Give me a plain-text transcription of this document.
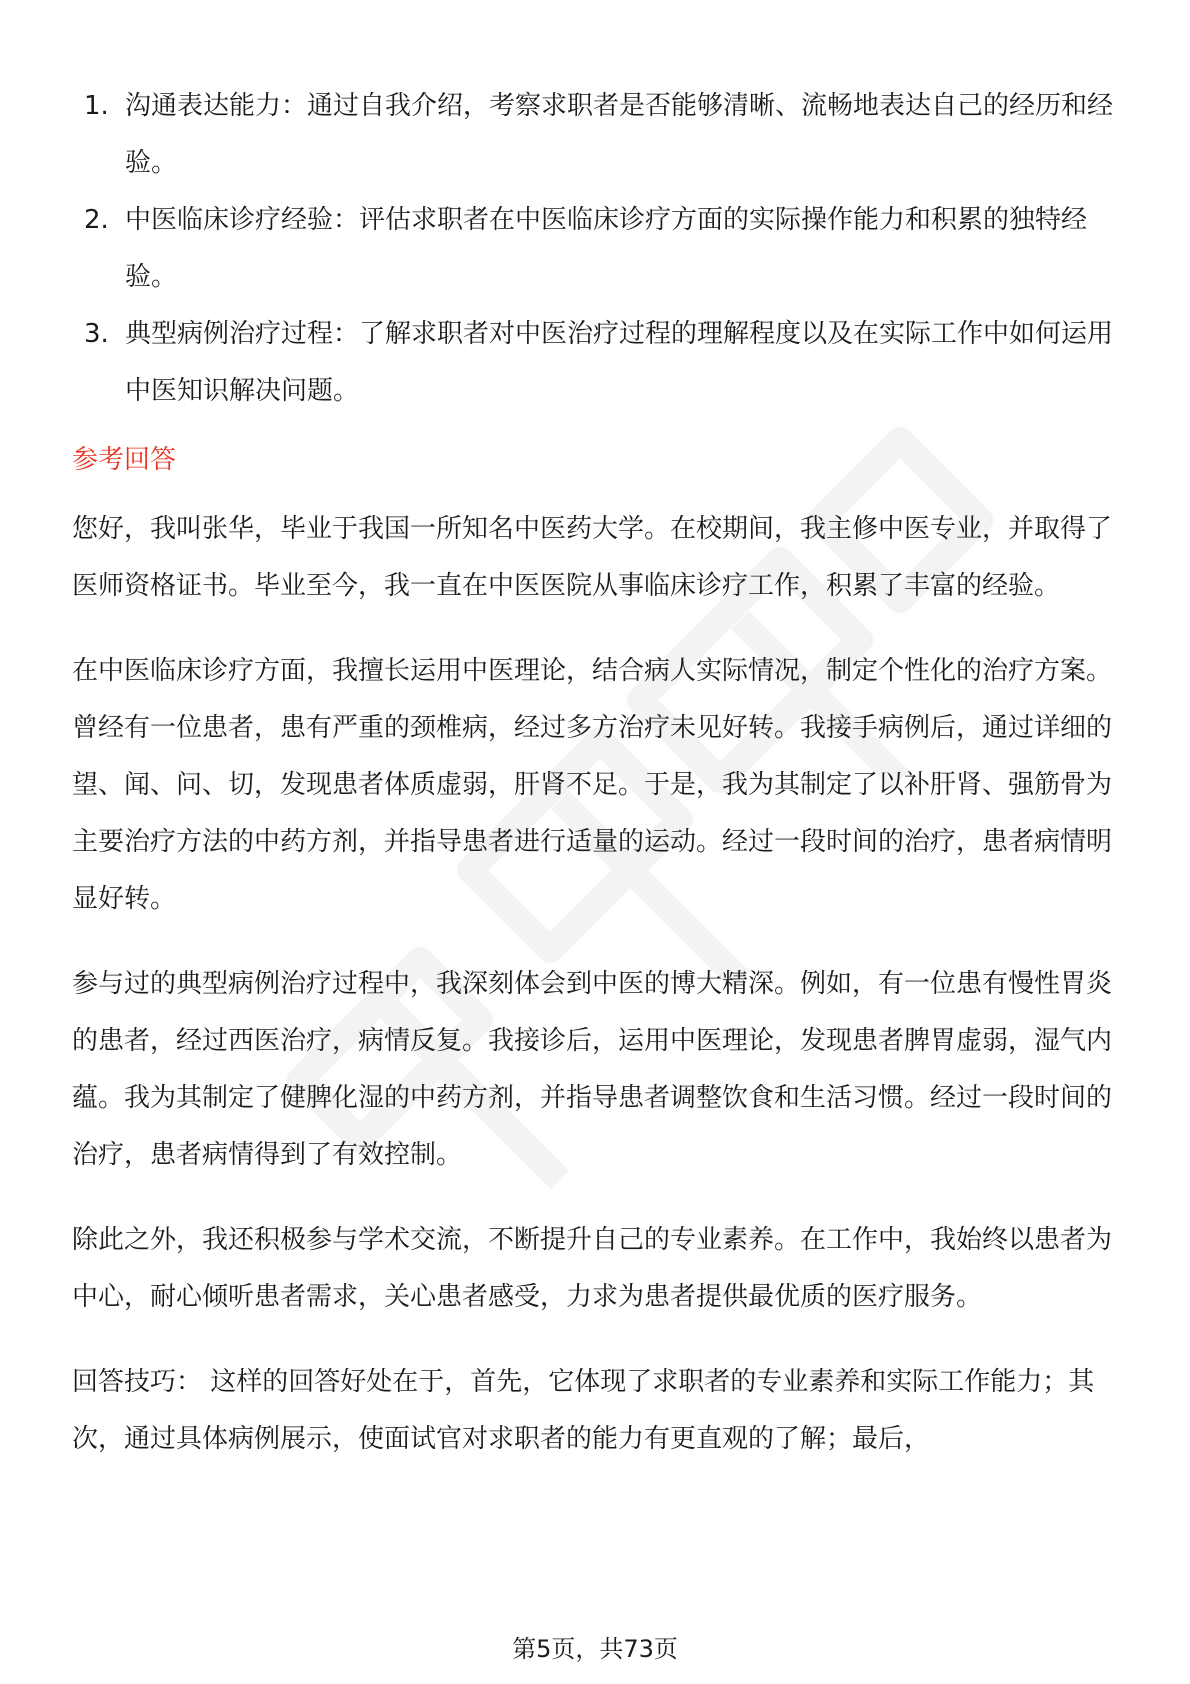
1. 沟通表达能力：通过自我介绍，考察求职者是否能够清晰、流畅地表达自己的经历和经验。
2. 中医临床诊疗经验：评估求职者在中医临床诊疗方面的实际操作能力和积累的独特经验。
3. 典型病例治疗过程：了解求职者对中医治疗过程的理解程度以及在实际工作中如何运用中医知识解决问题。
参考回答

您好，我叫张华，毕业于我国一所知名中医药大学。在校期间，我主修中医专业，并取得了医师资格证书。毕业至今，我一直在中医医院从事临床诊疗工作，积累了丰富的经验。

在中医临床诊疗方面，我擅长运用中医理论，结合病人实际情况，制定个性化的治疗方案。曾经有一位患者，患有严重的颈椎病，经过多方治疗未见好转。我接手病例后，通过详细的望、闻、问、切，发现患者体质虚弱，肝肾不足。于是，我为其制定了以补肝肾、强筋骨为主要治疗方法的中药方剂，并指导患者进行适量的运动。经过一段时间的治疗，患者病情明显好转。

参与过的典型病例治疗过程中，我深刻体会到中医的博大精深。例如，有一位患有慢性胃炎的患者，经过西医治疗，病情反复。我接诊后，运用中医理论，发现患者脾胃虚弱，湿气内蕴。我为其制定了健脾化湿的中药方剂，并指导患者调整饮食和生活习惯。经过一段时间的治疗，患者病情得到了有效控制。

除此之外，我还积极参与学术交流，不断提升自己的专业素养。在工作中，我始终以患者为中心，耐心倾听患者需求，关心患者感受，力求为患者提供最优质的医疗服务。

回答技巧： 这样的回答好处在于，首先，它体现了求职者的专业素养和实际工作能力；其次，通过具体病例展示，使面试官对求职者的能力有更直观的了解；最后，

第5页，共73页
